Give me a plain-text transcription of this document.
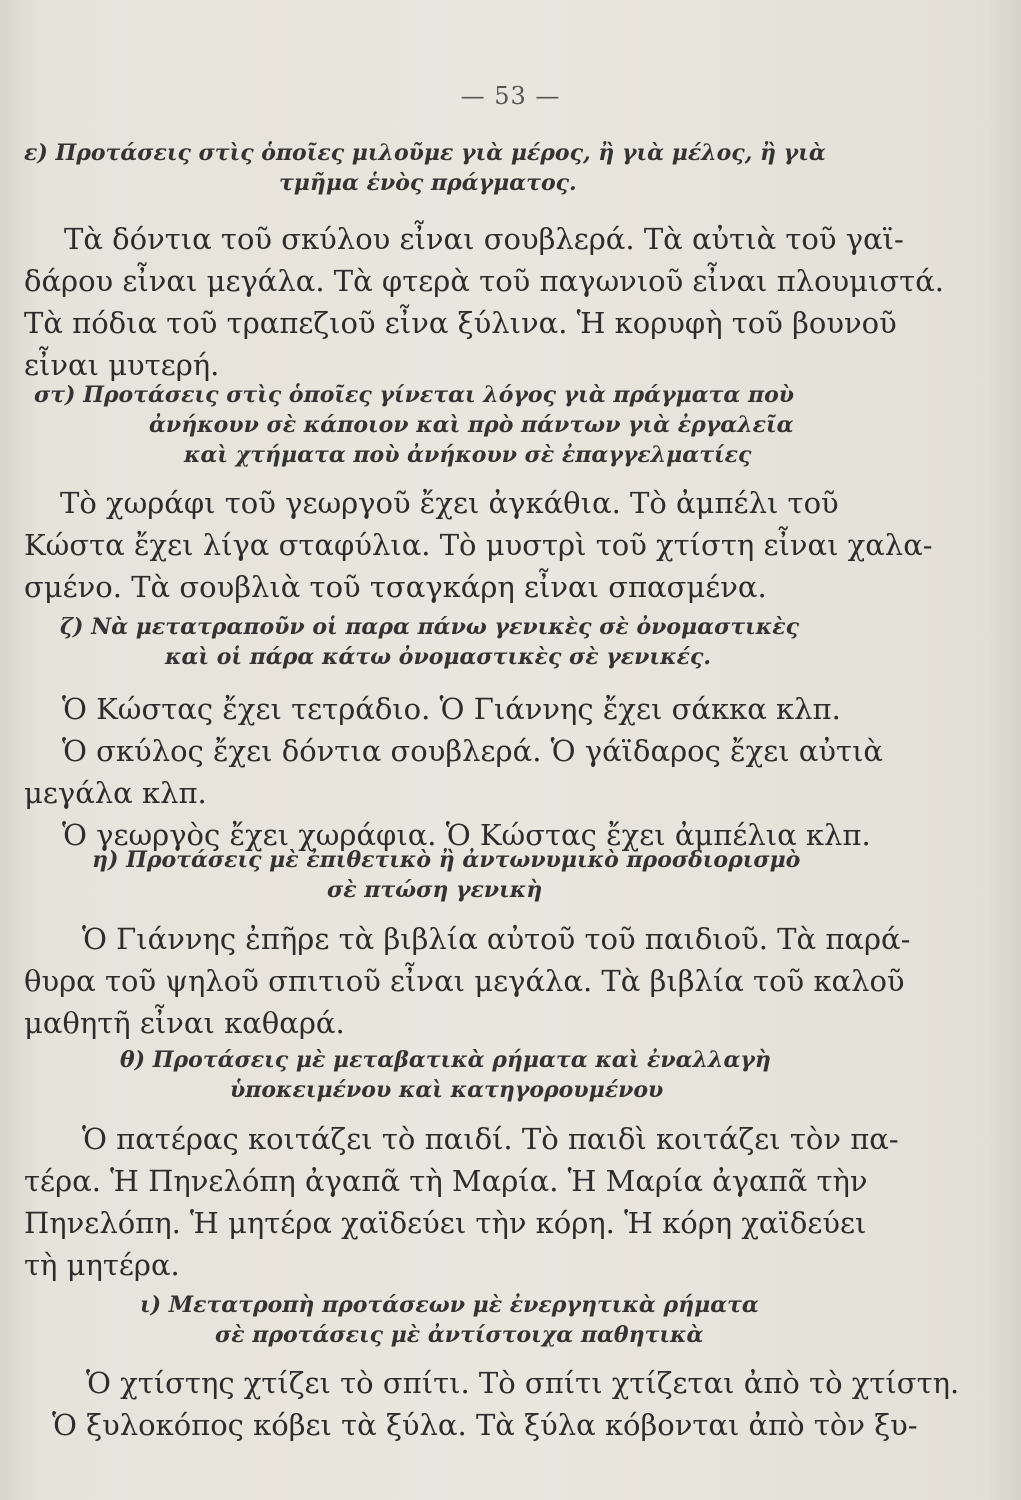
— 53 —
ε) Προτάσεις στὶς ὁποῖες μιλοῦμε γιὰ μέρος, ἢ γιὰ μέλος, ἢ γιὰ
τμῆμα ἑνὸς πράγματος.
Τὰ δόντια τοῦ σκύλου εἶναι σουβλερά. Τὰ αὐτιὰ τοῦ γαϊ-
δάρου εἶναι μεγάλα. Τὰ φτερὰ τοῦ παγωνιοῦ εἶναι πλουμιστά.
Τὰ πόδια τοῦ τραπεζιοῦ εἶνα ξύλινα. Ἡ κορυφὴ τοῦ βουνοῦ
εἶναι μυτερή.
στ) Προτάσεις στὶς ὁποῖες γίνεται λόγος γιὰ πράγματα ποὺ
ἀνήκουν σὲ κάποιον καὶ πρὸ πάντων γιὰ ἐργαλεῖα
καὶ χτήματα ποὺ ἀνήκουν σὲ ἐπαγγελματίες
Τὸ χωράφι τοῦ γεωργοῦ ἔχει ἀγκάθια. Τὸ ἀμπέλι τοῦ
Κώστα ἔχει λίγα σταφύλια. Τὸ μυστρὶ τοῦ χτίστη εἶναι χαλα-
σμένο. Τὰ σουβλιὰ τοῦ τσαγκάρη εἶναι σπασμένα.
ζ) Νὰ μετατραποῦν οἱ παρα πάνω γενικὲς σὲ ὀνομαστικὲς
καὶ οἱ πάρα κάτω ὀνομαστικὲς σὲ γενικές.
Ὁ Κώστας ἔχει τετράδιο. Ὁ Γιάννης ἔχει σάκκα κλπ.
Ὁ σκύλος ἔχει δόντια σουβλερά. Ὁ γάϊδαρος ἔχει αὐτιὰ
μεγάλα κλπ.
Ὁ γεωργὸς ἔχει χωράφια. Ὁ Κώστας ἔχει ἀμπέλια κλπ.
η) Προτάσεις μὲ ἐπιθετικὸ ἢ ἀντωνυμικὸ προσδιορισμὸ
σὲ πτώση γενικὴ
Ὁ Γιάννης ἐπῆρε τὰ βιβλία αὐτοῦ τοῦ παιδιοῦ. Τὰ παρά-
θυρα τοῦ ψηλοῦ σπιτιοῦ εἶναι μεγάλα. Τὰ βιβλία τοῦ καλοῦ
μαθητῆ εἶναι καθαρά.
θ) Προτάσεις μὲ μεταβατικὰ ρήματα καὶ ἐναλλαγὴ
ὑποκειμένου καὶ κατηγορουμένου
Ὁ πατέρας κοιτάζει τὸ παιδί. Τὸ παιδὶ κοιτάζει τὸν πα-
τέρα. Ἡ Πηνελόπη ἀγαπᾶ τὴ Μαρία. Ἡ Μαρία ἀγαπᾶ τὴν
Πηνελόπη. Ἡ μητέρα χαϊδεύει τὴν κόρη. Ἡ κόρη χαϊδεύει
τὴ μητέρα.
ι) Μετατροπὴ προτάσεων μὲ ἐνεργητικὰ ρήματα
σὲ προτάσεις μὲ ἀντίστοιχα παθητικὰ
Ὁ χτίστης χτίζει τὸ σπίτι. Τὸ σπίτι χτίζεται ἀπὸ τὸ χτίστη.
Ὁ ξυλοκόπος κόβει τὰ ξύλα. Τὰ ξύλα κόβονται ἀπὸ τὸν ξυ-
